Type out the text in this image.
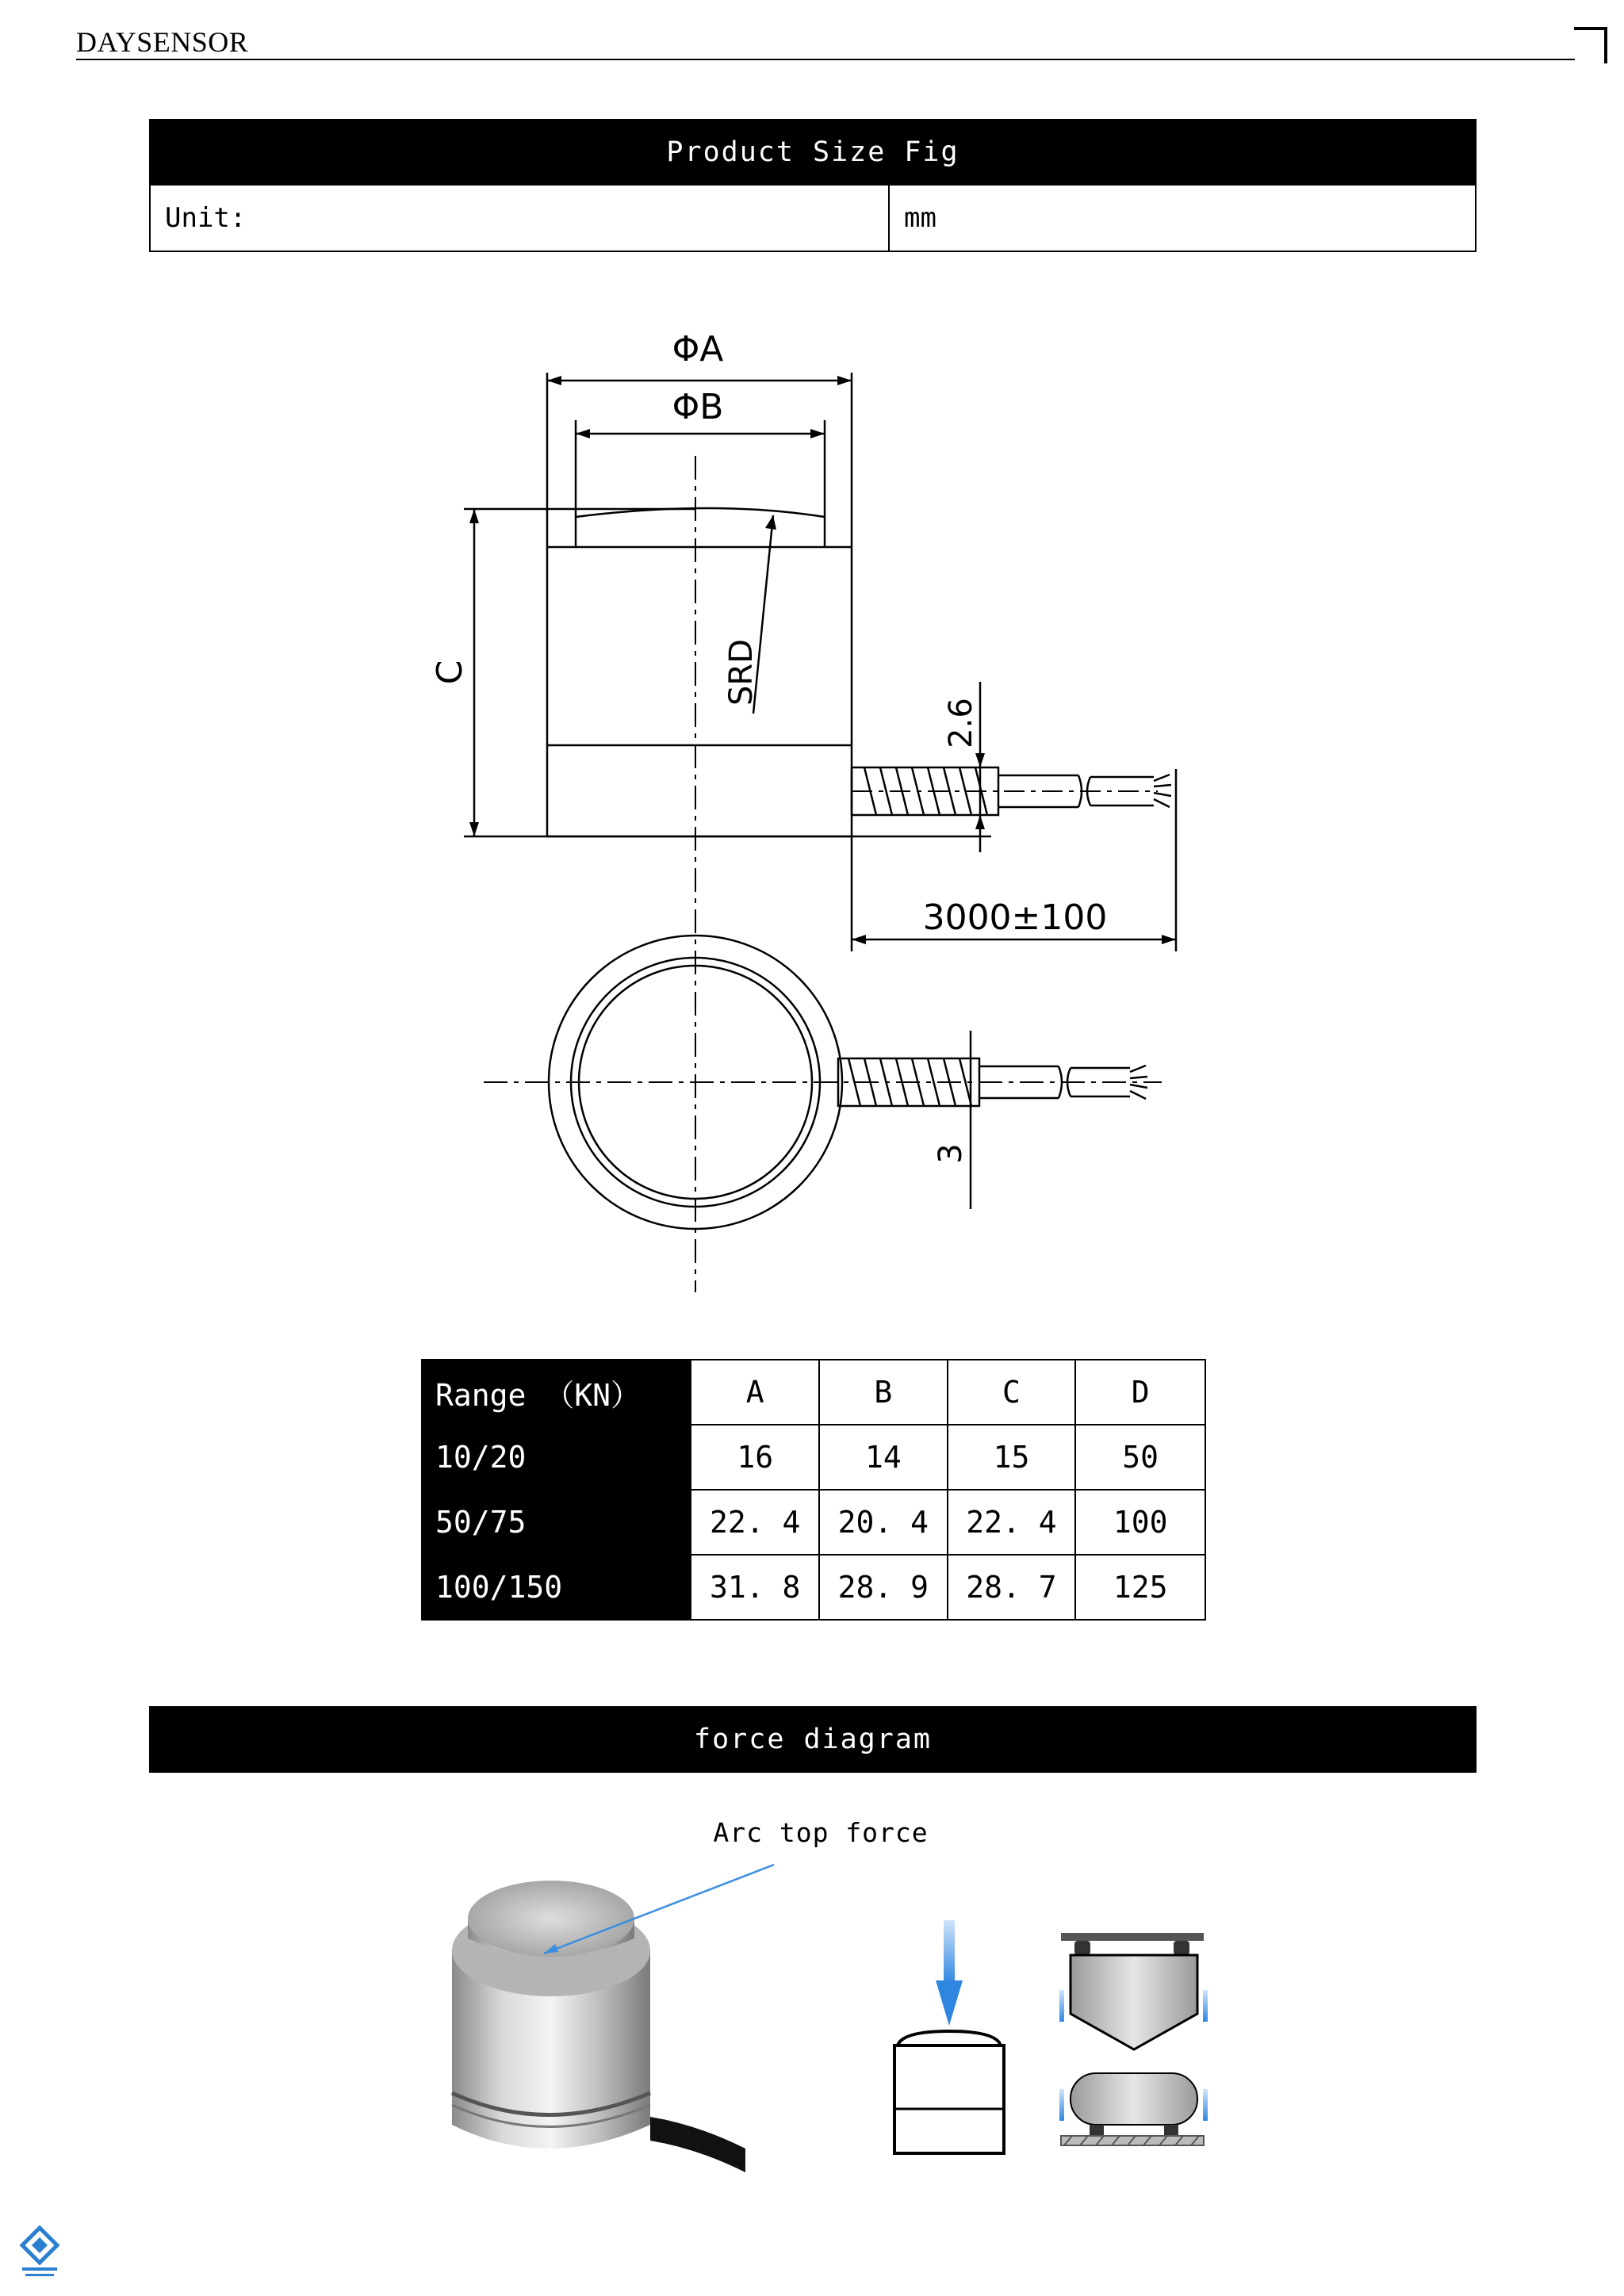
DAYSENSOR
Product Size Fig
Unit:	mm
ΦA
ΦB
C	SRD
2.6
3000±100
3
Range （KN）	A	B	C	D
10/20	16	14	15	50
50/75	22. 4	20. 4	22. 4	100
100/150	31. 8	28. 9	28. 7	125
force diagram
Arc top force
